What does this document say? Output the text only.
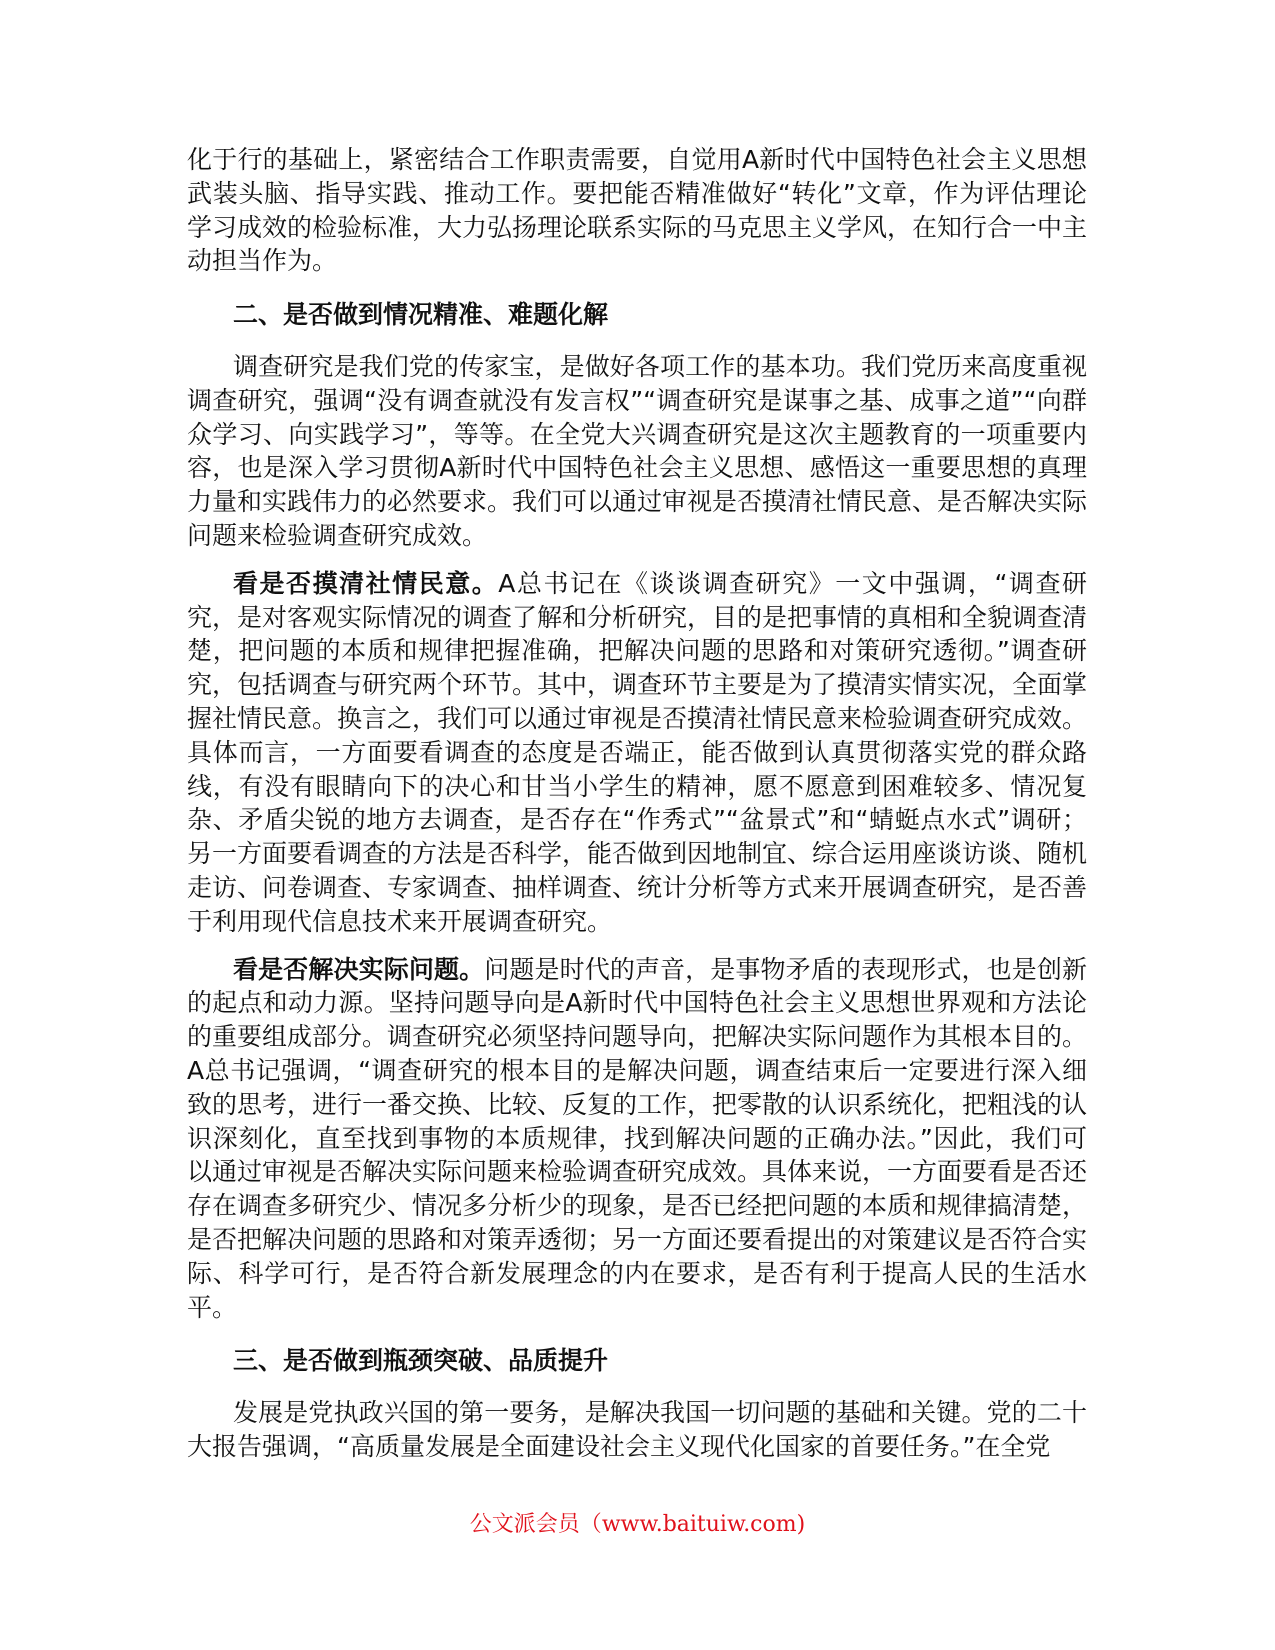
化于行的基础上，紧密结合工作职责需要，自觉用A新时代中国特色社会主义思想武装头脑、指导实践、推动工作。要把能否精准做好“转化”文章，作为评估理论学习成效的检验标准，大力弘扬理论联系实际的马克思主义学风，在知行合一中主动担当作为。

二、是否做到情况精准、难题化解

调查研究是我们党的传家宝，是做好各项工作的基本功。我们党历来高度重视调查研究，强调“没有调查就没有发言权”“调查研究是谋事之基、成事之道”“向群众学习、向实践学习”，等等。在全党大兴调查研究是这次主题教育的一项重要内容，也是深入学习贯彻A新时代中国特色社会主义思想、感悟这一重要思想的真理力量和实践伟力的必然要求。我们可以通过审视是否摸清社情民意、是否解决实际问题来检验调查研究成效。

看是否摸清社情民意。A总书记在《谈谈调查研究》一文中强调，“调查研究，是对客观实际情况的调查了解和分析研究，目的是把事情的真相和全貌调查清楚，把问题的本质和规律把握准确，把解决问题的思路和对策研究透彻。”调查研究，包括调查与研究两个环节。其中，调查环节主要是为了摸清实情实况，全面掌握社情民意。换言之，我们可以通过审视是否摸清社情民意来检验调查研究成效。具体而言，一方面要看调查的态度是否端正，能否做到认真贯彻落实党的群众路线，有没有眼睛向下的决心和甘当小学生的精神，愿不愿意到困难较多、情况复杂、矛盾尖锐的地方去调查，是否存在“作秀式”“盆景式”和“蜻蜓点水式”调研；另一方面要看调查的方法是否科学，能否做到因地制宜、综合运用座谈访谈、随机走访、问卷调查、专家调查、抽样调查、统计分析等方式来开展调查研究，是否善于利用现代信息技术来开展调查研究。

看是否解决实际问题。问题是时代的声音，是事物矛盾的表现形式，也是创新的起点和动力源。坚持问题导向是A新时代中国特色社会主义思想世界观和方法论的重要组成部分。调查研究必须坚持问题导向，把解决实际问题作为其根本目的。A总书记强调，“调查研究的根本目的是解决问题，调查结束后一定要进行深入细致的思考，进行一番交换、比较、反复的工作，把零散的认识系统化，把粗浅的认识深刻化，直至找到事物的本质规律，找到解决问题的正确办法。”因此，我们可以通过审视是否解决实际问题来检验调查研究成效。具体来说，一方面要看是否还存在调查多研究少、情况多分析少的现象，是否已经把问题的本质和规律搞清楚，是否把解决问题的思路和对策弄透彻；另一方面还要看提出的对策建议是否符合实际、科学可行，是否符合新发展理念的内在要求，是否有利于提高人民的生活水平。

三、是否做到瓶颈突破、品质提升

发展是党执政兴国的第一要务，是解决我国一切问题的基础和关键。党的二十大报告强调，“高质量发展是全面建设社会主义现代化国家的首要任务。”在全党

公文派会员（www.baituiw.com)
